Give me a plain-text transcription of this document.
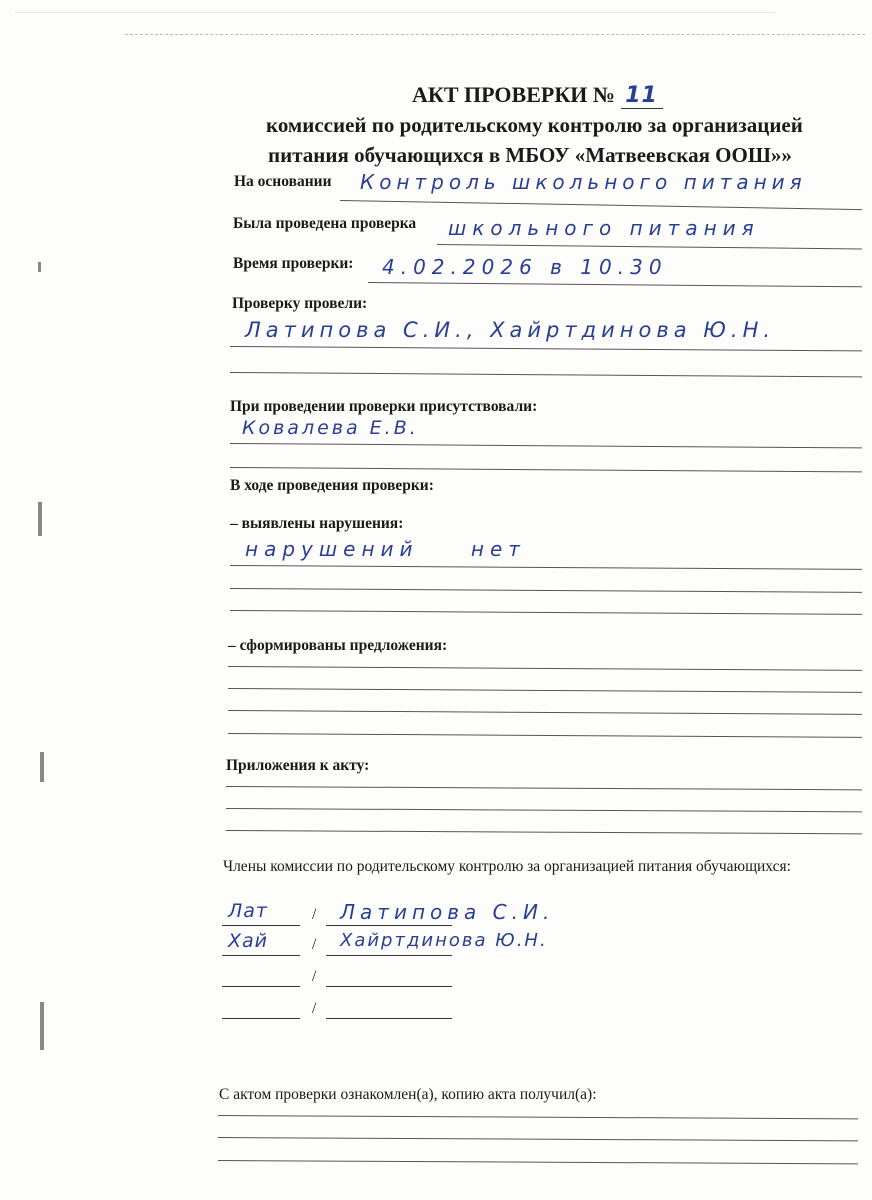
АКТ ПРОВЕРКИ № 11
комиссией по родительскому контролю за организацией
питания обучающихся в МБОУ «Матвеевская ООШ»»
На основании Контроль школьного питания
Была проведена проверка школьного питания
Время проверки: 4.02.2026 в 10.30
Проверку провели:
Латипова С.И., Хайртдинова Ю.Н.
При проведении проверки присутствовали:
Ковалева Е.В.
В ходе проведения проверки:
– выявлены нарушения:
нарушений нет
– сформированы предложения:
Приложения к акту:
Члены комиссии по родительскому контролю за организацией питания обучающихся:
Лат	/ Латипова С.И.
Хай	/ Хайртдинова Ю.Н.
/
/
С актом проверки ознакомлен(а), копию акта получил(а):
